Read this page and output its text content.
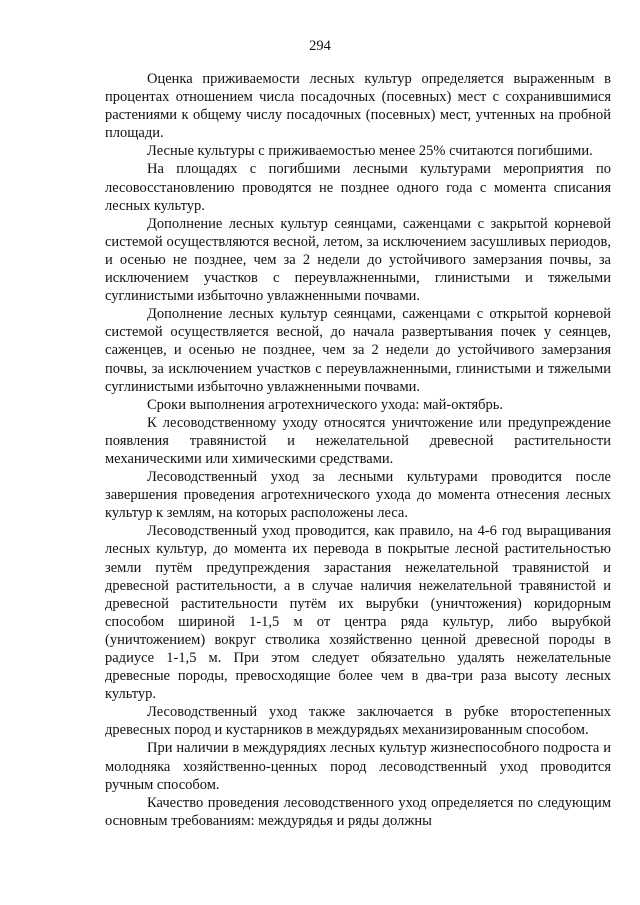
294

Оценка приживаемости лесных культур определяется выраженным в процентах отношением числа посадочных (посевных) мест с сохранившимися растениями к общему числу посадочных (посевных) мест, учтенных на пробной площади.

Лесные культуры с приживаемостью менее 25% считаются погибшими.

На площадях с погибшими лесными культурами мероприятия по лесовосстановлению проводятся не позднее одного года с момента списания лесных культур.

Дополнение лесных культур сеянцами, саженцами с закрытой корневой системой осуществляются весной, летом, за исключением засушливых периодов, и осенью не позднее, чем за 2 недели до устойчивого замерзания почвы, за исключением участков с переувлажненными, глинистыми и тяжелыми суглинистыми избыточно увлажненными почвами.

Дополнение лесных культур сеянцами, саженцами с открытой корневой системой осуществляется весной, до начала развертывания почек у сеянцев, саженцев, и осенью не позднее, чем за 2 недели до устойчивого замерзания почвы, за исключением участков с переувлажненными, глинистыми и тяжелыми суглинистыми избыточно увлажненными почвами.

Сроки выполнения агротехнического ухода: май-октябрь.

К лесоводственному уходу относятся уничтожение или предупреждение появления травянистой и нежелательной древесной растительности механическими или химическими средствами.

Лесоводственный уход за лесными культурами проводится после завершения проведения агротехнического ухода до момента отнесения лесных культур к землям, на которых расположены леса.

Лесоводственный уход проводится, как правило, на 4-6 год выращивания лесных культур, до момента их перевода в покрытые лесной растительностью земли путём предупреждения зарастания нежелательной травянистой и древесной растительности, а в случае наличия нежелательной травянистой и древесной растительности путём их вырубки (уничтожения) коридорным способом шириной 1-1,5 м от центра ряда культур, либо вырубкой (уничтожением) вокруг стволика хозяйственно ценной древесной породы в радиусе 1-1,5 м. При этом следует обязательно удалять нежелательные древесные породы, превосходящие более чем в два-три раза высоту лесных культур.

Лесоводственный уход также заключается в рубке второстепенных древесных пород и кустарников в междурядьях механизированным способом.

При наличии в междурядиях лесных культур жизнеспособного подроста и молодняка хозяйственно-ценных пород лесоводственный уход проводится ручным способом.

Качество проведения лесоводственного уход определяется по следующим основным требованиям: междурядья и ряды должны
